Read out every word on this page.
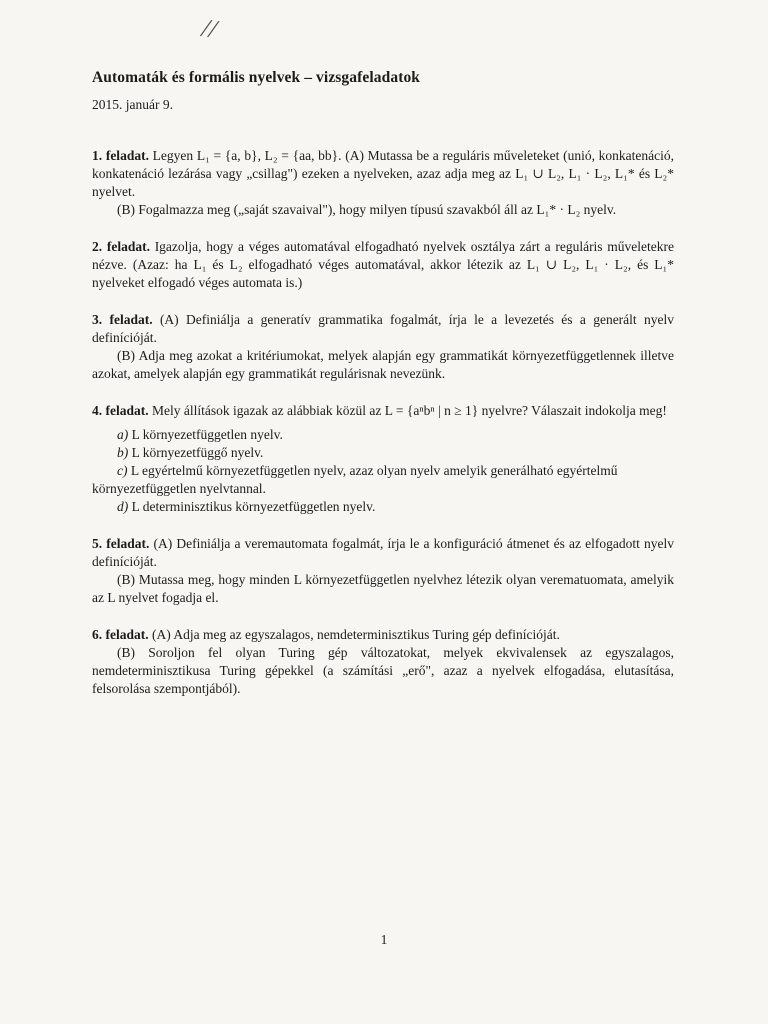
//
Automaták és formális nyelvek – vizsgafeladatok
2015. január 9.

1. feladat. Legyen L₁ = {a, b}, L₂ = {aa, bb}. (A) Mutassa be a reguláris műveleteket (unió, konkatenáció, konkatenáció lezárása vagy „csillag") ezeken a nyelveken, azaz adja meg az L₁ ∪ L₂, L₁ · L₂, L₁* és L₂* nyelvet.

(B) Fogalmazza meg („saját szavaival"), hogy milyen típusú szavakból áll az L₁* · L₂ nyelv.

2. feladat. Igazolja, hogy a véges automatával elfogadható nyelvek osztálya zárt a reguláris műveletekre nézve. (Azaz: ha L₁ és L₂ elfogadható véges automatával, akkor létezik az L₁ ∪ L₂, L₁ · L₂, és L₁* nyelveket elfogadó véges automata is.)

3. feladat. (A) Definiálja a generatív grammatika fogalmát, írja le a levezetés és a generált nyelv definícióját.

(B) Adja meg azokat a kritériumokat, melyek alapján egy grammatikát környezetfüggetlennek illetve azokat, amelyek alapján egy grammatikát regulárisnak nevezünk.

4. feladat. Mely állítások igazak az alábbiak közül az L = {aⁿbⁿ | n ≥ 1} nyelvre? Válaszait indokolja meg!

a) L környezetfüggetlen nyelv.
b) L környezetfüggő nyelv.
c) L egyértelmű környezetfüggetlen nyelv, azaz olyan nyelv amelyik generálható egyértelmű környezetfüggetlen nyelvtannal.
d) L determinisztikus környezetfüggetlen nyelv.

5. feladat. (A) Definiálja a veremautomata fogalmát, írja le a konfiguráció átmenet és az elfogadott nyelv definícióját.

(B) Mutassa meg, hogy minden L környezetfüggetlen nyelvhez létezik olyan verematuomata, amelyik az L nyelvet fogadja el.

6. feladat. (A) Adja meg az egyszalagos, nemdeterminisztikus Turing gép definícióját.

(B) Soroljon fel olyan Turing gép változatokat, melyek ekvivalensek az egyszalagos, nemdeterminisztikusa Turing gépekkel (a számítási „erő", azaz a nyelvek elfogadása, elutasítása, felsorolása szempontjából).

1
